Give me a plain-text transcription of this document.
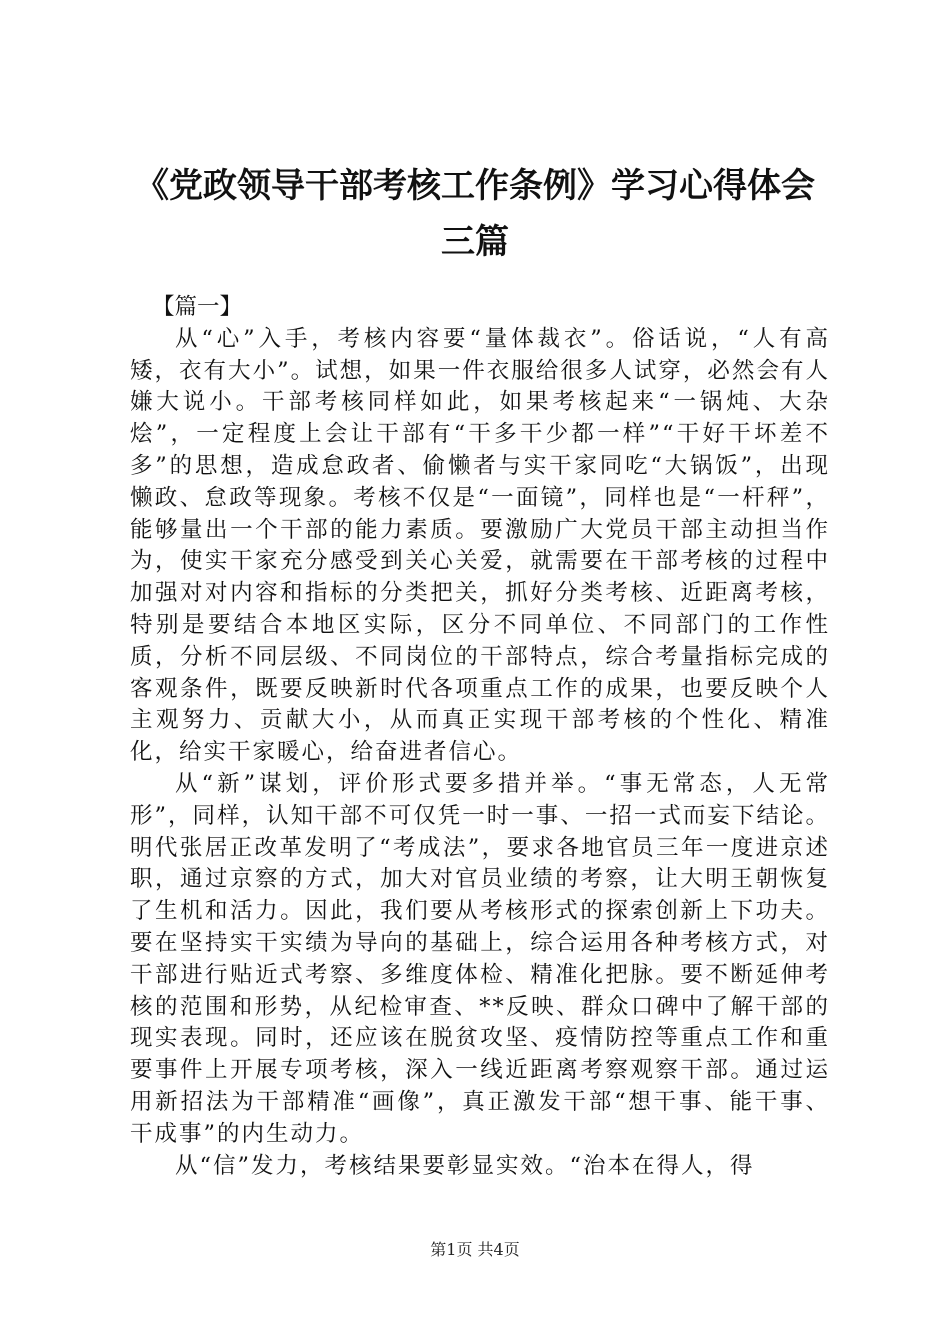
《党政领导干部考核工作条例》学习心得体会
三篇

【篇一】

从“心”入手，考核内容要“量体裁衣”。俗话说，“人有高矮，衣有大小”。试想，如果一件衣服给很多人试穿，必然会有人嫌大说小。干部考核同样如此，如果考核起来“一锅炖、大杂烩”，一定程度上会让干部有“干多干少都一样”“干好干坏差不多”的思想，造成怠政者、偷懒者与实干家同吃“大锅饭”，出现懒政、怠政等现象。考核不仅是“一面镜”，同样也是“一杆秤”，能够量出一个干部的能力素质。要激励广大党员干部主动担当作为，使实干家充分感受到关心关爱，就需要在干部考核的过程中加强对对内容和指标的分类把关，抓好分类考核、近距离考核，特别是要结合本地区实际，区分不同单位、不同部门的工作性质，分析不同层级、不同岗位的干部特点，综合考量指标完成的客观条件，既要反映新时代各项重点工作的成果，也要反映个人主观努力、贡献大小，从而真正实现干部考核的个性化、精准化，给实干家暖心，给奋进者信心。

从“新”谋划，评价形式要多措并举。“事无常态，人无常形”，同样，认知干部不可仅凭一时一事、一招一式而妄下结论。明代张居正改革发明了“考成法”，要求各地官员三年一度进京述职，通过京察的方式，加大对官员业绩的考察，让大明王朝恢复了生机和活力。因此，我们要从考核形式的探索创新上下功夫。要在坚持实干实绩为导向的基础上，综合运用各种考核方式，对干部进行贴近式考察、多维度体检、精准化把脉。要不断延伸考核的范围和形势，从纪检审查、**反映、群众口碑中了解干部的现实表现。同时，还应该在脱贫攻坚、疫情防控等重点工作和重要事件上开展专项考核，深入一线近距离考察观察干部。通过运用新招法为干部精准“画像”，真正激发干部“想干事、能干事、干成事”的内生动力。

从“信”发力，考核结果要彰显实效。“治本在得人，得

第1页 共4页
